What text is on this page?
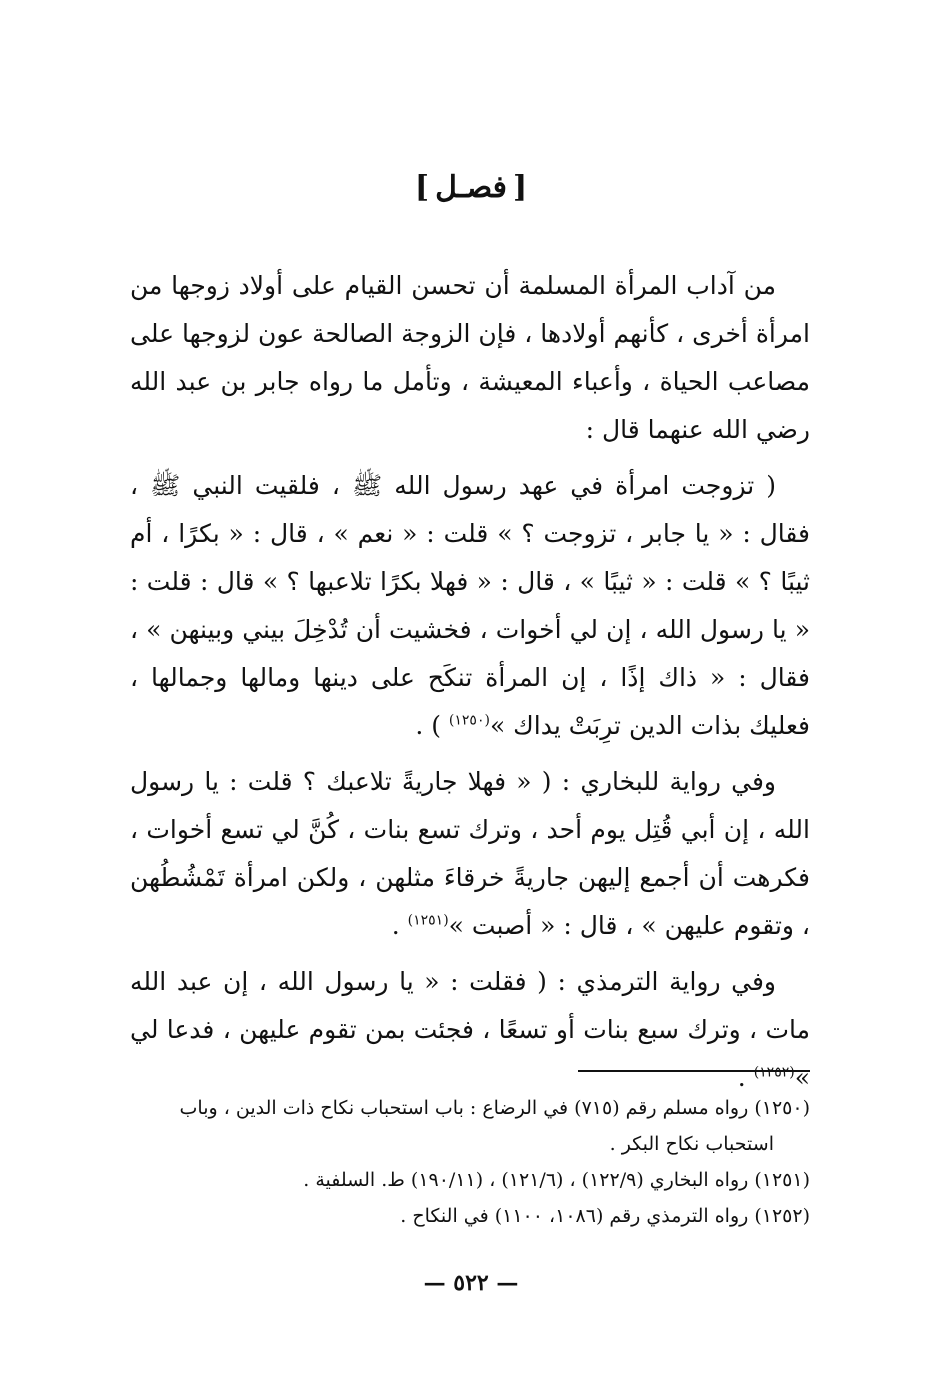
[فصـل]

من آداب المرأة المسلمة أن تحسن القيام على أولاد زوجها من امرأة أخرى ، كأنهم أولادها ، فإن الزوجة الصالحة عون لزوجها على مصاعب الحياة ، وأعباء المعيشة ، وتأمل ما رواه جابر بن عبد الله رضي الله عنهما قال :

( تزوجت امرأة في عهد رسول الله ﷺ ، فلقيت النبي ﷺ ، فقال : « يا جابر ، تزوجت ؟ » قلت : « نعم » ، قال : « بكرًا ، أم ثيبًا ؟ » قلت : « ثيبًا » ، قال : « فهلا بكرًا تلاعبها ؟ » قال : قلت : « يا رسول الله ، إن لي أخوات ، فخشيت أن تُدْخِلَ بيني وبينهن » ، فقال : « ذاك إذًا ، إن المرأة تنكَح على دينها ومالها وجمالها ، فعليك بذات الدين ترِبَتْ يداك »$^{(١٢٥٠)}$ ) .

وفي رواية للبخاري : ( « فهلا جاريةً تلاعبك ؟ قلت : يا رسول الله ، إن أبي قُتِل يوم أحد ، وترك تسع بنات ، كُنَّ لي تسع أخوات ، فكرهت أن أجمع إليهن جاريةً خرقاءَ مثلهن ، ولكن امرأة تَمْشُطُهن ، وتقوم عليهن » ، قال : « أصبت »$^{(١٢٥١)}$ .

وفي رواية الترمذي : ( فقلت : « يا رسول الله ، إن عبد الله مات ، وترك سبع بنات أو تسعًا ، فجئت بمن تقوم عليهن ، فدعا لي »$^{(١٢٥٢)}$ .

(١٢٥٠) رواه مسلم رقم (٧١٥) في الرضاع : باب استحباب نكاح ذات الدين ، وباب
استحباب نكاح البكر .

(١٢٥١) رواه البخاري (١٢٢/٩) ، (١٢١/٦) ، (١٩٠/١١) ط. السلفية .

(١٢٥٢) رواه الترمذي رقم (١٠٨٦، ١١٠٠) في النكاح .

— ٥٢٢ —
